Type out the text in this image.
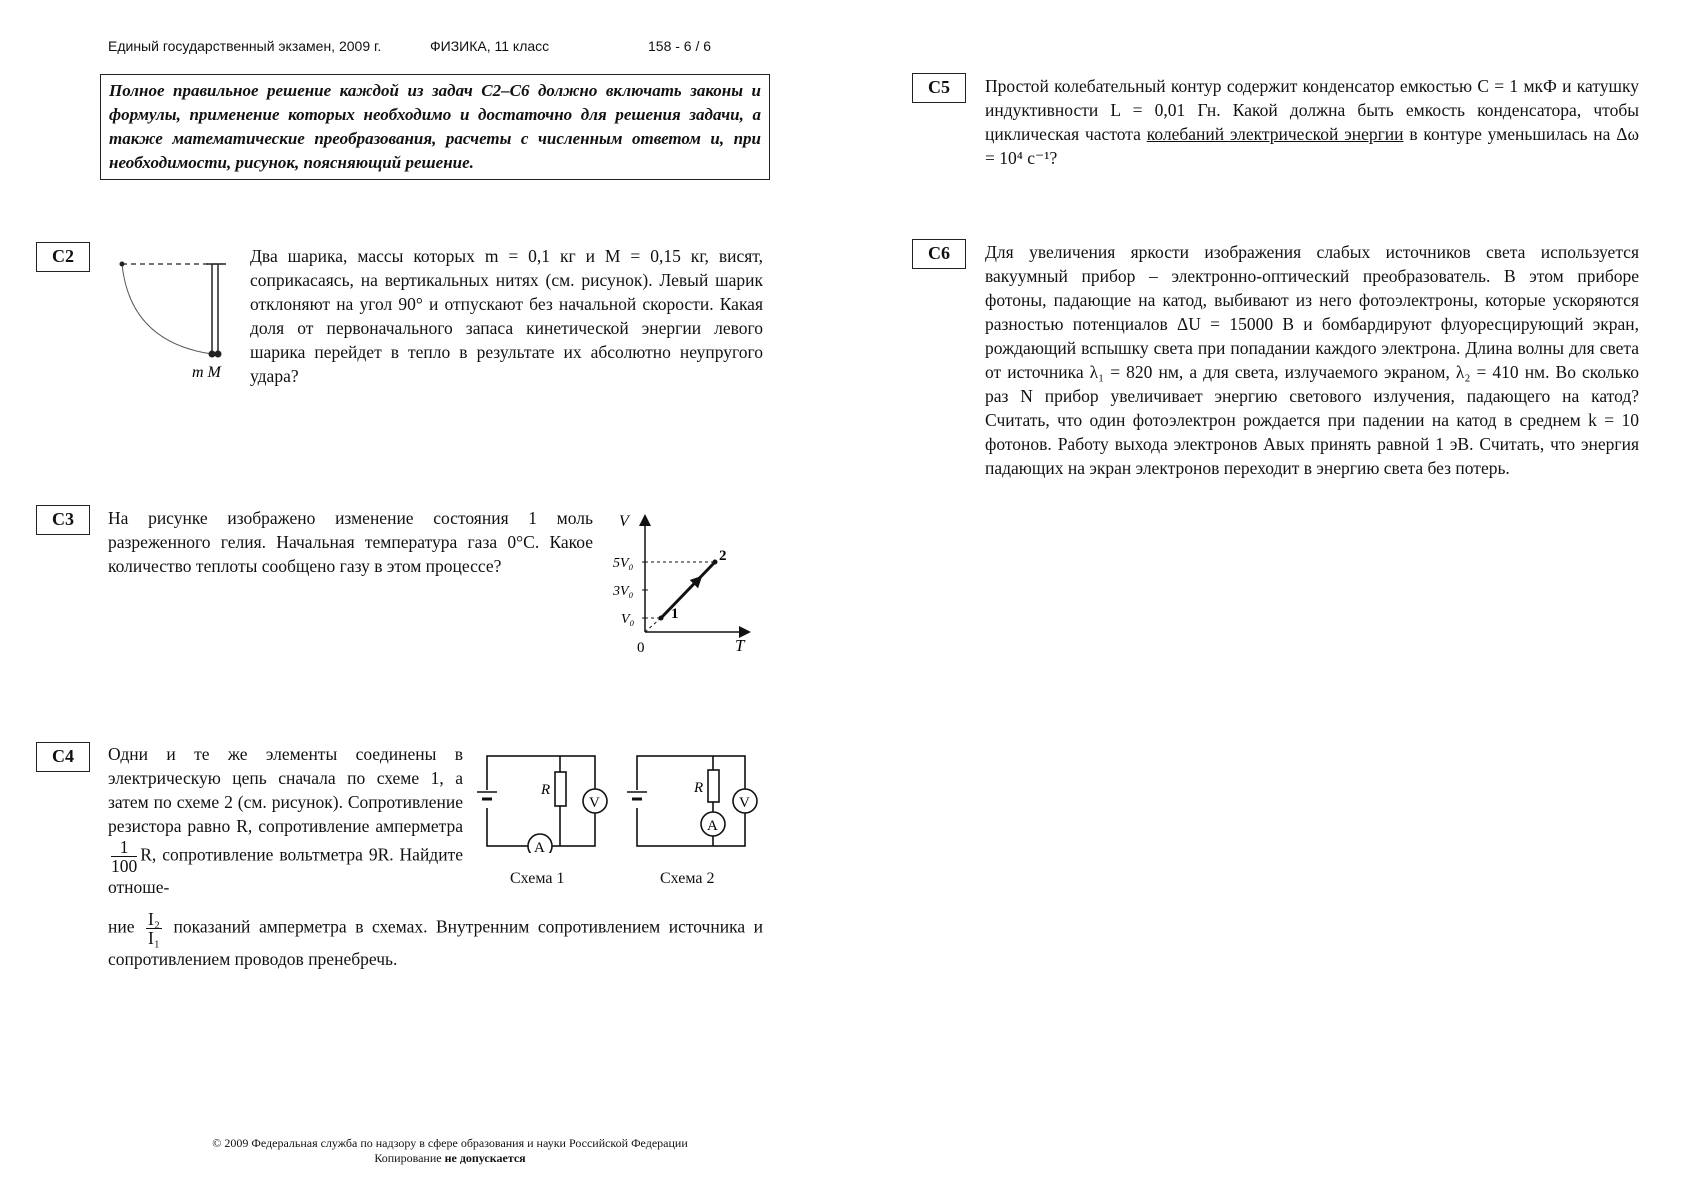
Единый государственный экзамен, 2009 г.	ФИЗИКА, 11 класс	158 - 6 / 6
Полное правильное решение каждой из задач С2–С6 должно включать законы и формулы, применение которых необходимо и достаточно для решения задачи, а также математические преобразования, расчеты с численным ответом и, при необходимости, рисунок, поясняющий решение.
С2
m M
Два шарика, массы которых m = 0,1 кг и M = 0,15 кг, висят, соприкасаясь, на вертикальных нитях (см. рисунок). Левый шарик отклоняют на угол 90° и отпускают без начальной скорости. Какая доля от первоначального запаса кинетической энергии левого шарика перейдет в тепло в результате их абсолютно неупругого удара?
С3	На рисунке изображено изменение состояния 1 моль разреженного гелия. Начальная температура газа 0°С. Какое количество теплоты сообщено газу в этом процессе?
V
T
0
5V₀
3V₀
V₀ 1
2
С4	Одни и те же элементы соединены в электрическую цепь сначала по схеме 1, а затем по схеме 2 (см. рисунок). Сопротивление резистора равно R, сопротивление амперметра
$\frac{1}{100} R$, сопротивление вольтметра 9R. Найдите отноше-
ние $\frac{\text{I₂}}{\text{I₁}}$ показаний амперметра в схемах. Внутренним сопротивлением источника и сопротивлением проводов пренебречь.
R
V
A
Схема 1
R
V
A
Схема 2
С5	Простой колебательный контур содержит конденсатор емкостью C = 1 мкФ и катушку индуктивности L = 0,01 Гн. Какой должна быть емкость конденсатора, чтобы циклическая частота колебаний электрической энергии в контуре уменьшилась на Δω = 10⁴ с⁻¹?
С6	Для увеличения яркости изображения слабых источников света используется вакуумный прибор – электронно-оптический преобразователь. В этом приборе фотоны, падающие на катод, выбивают из него фотоэлектроны, которые ускоряются разностью потенциалов ΔU = 15000 В и бомбардируют флуоресцирующий экран, рождающий вспышку света при попадании каждого электрона. Длина волны для света от источника λ₁ = 820 нм, а для света, излучаемого экраном, λ₂ = 410 нм. Во сколько раз N прибор увеличивает энергию светового излучения, падающего на катод? Считать, что один фотоэлектрон рождается при падении на катод в среднем k = 10 фотонов. Работу выхода электронов Aвых принять равной 1 эВ. Считать, что энергия падающих на экран электронов переходит в энергию света без потерь.
© 2009 Федеральная служба по надзору в сфере образования и науки Российской Федерации
Копирование не допускается
